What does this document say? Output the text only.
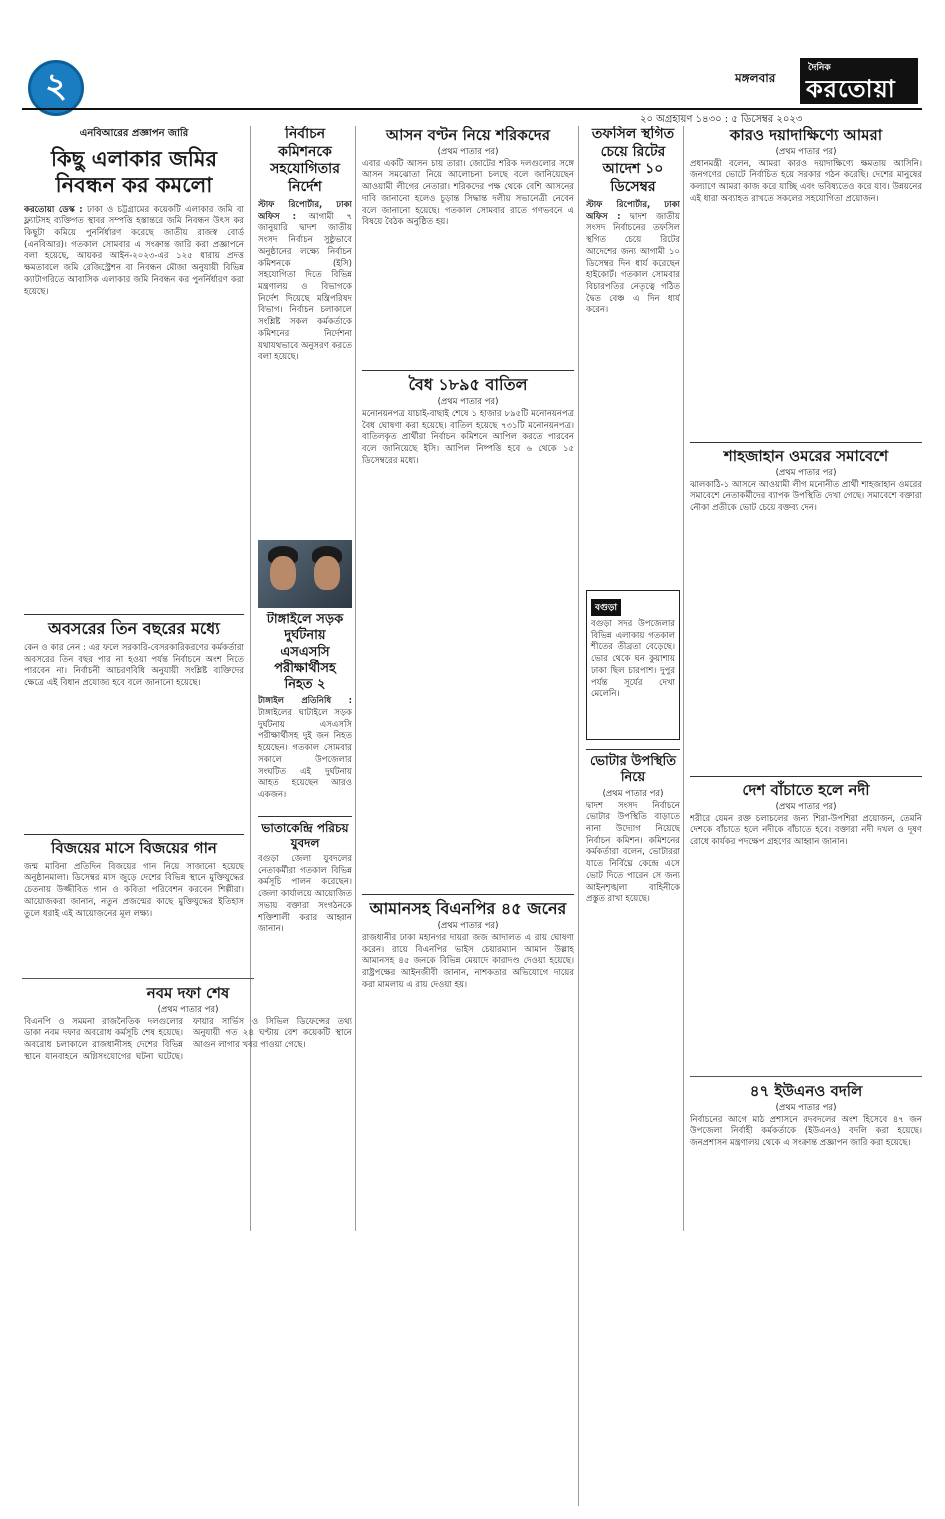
২	মঙ্গলবার
দৈনিক
করতোয়া
২০ অগ্রহায়ণ ১৪৩০ : ৫ ডিসেম্বর ২০২৩
এনবিআরের প্রজ্ঞাপন জারি
কিছু এলাকার জমির নিবন্ধন কর কমলো

করতোয়া ডেস্ক : ঢাকা ও চট্টগ্রামের কয়েকটি এলাকার জমি বা ফ্ল্যাটসহ ব্যক্তিগত স্থাবর সম্পত্তি হস্তান্তরে জমি নিবন্ধন উৎস কর কিছুটা কমিয়ে পুনর্নির্ধারণ করেছে জাতীয় রাজস্ব বোর্ড (এনবিআর)। গতকাল সোমবার এ সংক্রান্ত জারি করা প্রজ্ঞাপনে বলা হয়েছে, আয়কর আইন-২০২৩-এর ১২৫ ধারায় প্রদত্ত ক্ষমতাবলে জমি রেজিস্ট্রেশন বা নিবন্ধন মৌজা অনুযায়ী বিভিন্ন ক্যাটাগরিতে আবাসিক এলাকার জমি নিবন্ধন কর পুনর্নির্ধারণ করা হয়েছে।

অবসরের তিন বছরের মধ্যে
কেন ও কার নেন : এর ফলে সরকারি-বেসরকারিকরণের কর্মকর্তারা অবসরের তিন বছর পার না হওয়া পর্যন্ত নির্বাচনে অংশ নিতে পারবেন না। নির্বাচনী আচরণবিধি অনুযায়ী সংশ্লিষ্ট ব্যক্তিদের ক্ষেত্রে এই বিধান প্রযোজ্য হবে বলে জানানো হয়েছে।
বিজয়ের মাসে বিজয়ের গান
জন্ম মাবিনা প্রতিদিন বিজয়ের গান নিয়ে সাজানো হয়েছে অনুষ্ঠানমালা। ডিসেম্বর মাস জুড়ে দেশের বিভিন্ন স্থানে মুক্তিযুদ্ধের চেতনায় উজ্জীবিত গান ও কবিতা পরিবেশন করবেন শিল্পীরা। আয়োজকরা জানান, নতুন প্রজন্মের কাছে মুক্তিযুদ্ধের ইতিহাস তুলে ধরাই এই আয়োজনের মূল লক্ষ্য।
নির্বাচন কমিশনকে সহযোগিতার নির্দেশ

স্টাফ রিপোর্টার, ঢাকা অফিস : আগামী ৭ জানুয়ারি দ্বাদশ জাতীয় সংসদ নির্বাচন সুষ্ঠুভাবে অনুষ্ঠানের লক্ষ্যে নির্বাচন কমিশনকে (ইসি) সহযোগিতা দিতে বিভিন্ন মন্ত্রণালয় ও বিভাগকে নির্দেশ দিয়েছে মন্ত্রিপরিষদ বিভাগ। নির্বাচন চলাকালে সংশ্লিষ্ট সকল কর্মকর্তাকে কমিশনের নির্দেশনা যথাযথভাবে অনুসরণ করতে বলা হয়েছে।

টাঙ্গাইলে সড়ক দুর্ঘটনায় এসএসসি পরীক্ষার্থীসহ নিহত ২

টাঙ্গাইল প্রতিনিধি : টাঙ্গাইলের ঘাটাইলে সড়ক দুর্ঘটনায় এসএসসি পরীক্ষার্থীসহ দুই জন নিহত হয়েছেন। গতকাল সোমবার সকালে উপজেলার সংঘটিত এই দুর্ঘটনায় আহত হয়েছেন আরও একজন।

ভাতাকেন্দ্রি পরিচয় যুবদল
বগুড়া জেলা যুবদলের নেতাকর্মীরা গতকাল বিভিন্ন কর্মসূচি পালন করেছেন। জেলা কার্যালয়ে আয়োজিত সভায় বক্তারা সংগঠনকে শক্তিশালী করার আহ্বান জানান।
আসন বণ্টন নিয়ে শরিকদের
(প্রথম পাতার পর)
এবার একটি আসন চায় তারা। জোটের শরিক দলগুলোর সঙ্গে আসন সমঝোতা নিয়ে আলোচনা চলছে বলে জানিয়েছেন আওয়ামী লীগের নেতারা। শরিকদের পক্ষ থেকে বেশি আসনের দাবি জানানো হলেও চূড়ান্ত সিদ্ধান্ত দলীয় সভানেত্রী নেবেন বলে জানানো হয়েছে। গতকাল সোমবার রাতে গণভবনে এ বিষয়ে বৈঠক অনুষ্ঠিত হয়।
বৈধ ১৮৯৫ বাতিল
(প্রথম পাতার পর)
মনোনয়নপত্র যাচাই-বাছাই শেষে ১ হাজার ৮৯৫টি মনোনয়নপত্র বৈধ ঘোষণা করা হয়েছে। বাতিল হয়েছে ৭৩১টি মনোনয়নপত্র। বাতিলকৃত প্রার্থীরা নির্বাচন কমিশনে আপিল করতে পারবেন বলে জানিয়েছে ইসি। আপিল নিষ্পত্তি হবে ৬ থেকে ১৫ ডিসেম্বরের মধ্যে।
আমানসহ বিএনপির ৪৫ জনের
(প্রথম পাতার পর)
রাজধানীর ঢাকা মহানগর দায়রা জজ আদালত এ রায় ঘোষণা করেন। রায়ে বিএনপির ভাইস চেয়ারম্যান আমান উল্লাহ আমানসহ ৪৫ জনকে বিভিন্ন মেয়াদে কারাদণ্ড দেওয়া হয়েছে। রাষ্ট্রপক্ষের আইনজীবী জানান, নাশকতার অভিযোগে দায়ের করা মামলায় এ রায় দেওয়া হয়।
তফসিল স্থগিত চেয়ে রিটের আদেশ ১০ ডিসেম্বর

স্টাফ রিপোর্টার, ঢাকা অফিস : দ্বাদশ জাতীয় সংসদ নির্বাচনের তফসিল স্থগিত চেয়ে রিটের আদেশের জন্য আগামী ১০ ডিসেম্বর দিন ধার্য করেছেন হাইকোর্ট। গতকাল সোমবার বিচারপতির নেতৃত্বে গঠিত দ্বৈত বেঞ্চ এ দিন ধার্য করেন।

বগুড়া
বগুড়া সদর উপজেলার বিভিন্ন এলাকায় গতকাল শীতের তীব্রতা বেড়েছে। ভোর থেকে ঘন কুয়াশায় ঢাকা ছিল চারপাশ। দুপুর পর্যন্ত সূর্যের দেখা মেলেনি।
ভোটার উপস্থিতি নিয়ে
(প্রথম পাতার পর)
দ্বাদশ সংসদ নির্বাচনে ভোটার উপস্থিতি বাড়াতে নানা উদ্যোগ নিয়েছে নির্বাচন কমিশন। কমিশনের কর্মকর্তারা বলেন, ভোটাররা যাতে নির্বিঘ্নে কেন্দ্রে এসে ভোট দিতে পারেন সে জন্য আইনশৃঙ্খলা বাহিনীকে প্রস্তুত রাখা হয়েছে।
কারও দয়াদাক্ষিণ্যে আমরা
(প্রথম পাতার পর)
প্রধানমন্ত্রী বলেন, আমরা কারও দয়াদাক্ষিণ্যে ক্ষমতায় আসিনি। জনগণের ভোটে নির্বাচিত হয়ে সরকার গঠন করেছি। দেশের মানুষের কল্যাণে আমরা কাজ করে যাচ্ছি এবং ভবিষ্যতেও করে যাব। উন্নয়নের এই ধারা অব্যাহত রাখতে সকলের সহযোগিতা প্রয়োজন।
শাহজাহান ওমরের সমাবেশে
(প্রথম পাতার পর)
ঝালকাঠি-১ আসনে আওয়ামী লীগ মনোনীত প্রার্থী শাহজাহান ওমরের সমাবেশে নেতাকর্মীদের ব্যাপক উপস্থিতি দেখা গেছে। সমাবেশে বক্তারা নৌকা প্রতীকে ভোট চেয়ে বক্তব্য দেন।
দেশ বাঁচাতে হলে নদী
(প্রথম পাতার পর)
শরীরে যেমন রক্ত চলাচলের জন্য শিরা-উপশিরা প্রয়োজন, তেমনি দেশকে বাঁচাতে হলে নদীকে বাঁচাতে হবে। বক্তারা নদী দখল ও দূষণ রোধে কার্যকর পদক্ষেপ গ্রহণের আহ্বান জানান।
নবম দফা শেষ
(প্রথম পাতার পর)
বিএনপি ও সমমনা রাজনৈতিক দলগুলোর ডাকা নবম দফার অবরোধ কর্মসূচি শেষ হয়েছে। অবরোধ চলাকালে রাজধানীসহ দেশের বিভিন্ন স্থানে যানবাহনে অগ্নিসংযোগের ঘটনা ঘটেছে। ফায়ার সার্ভিস ও সিভিল ডিফেন্সের তথ্য অনুযায়ী গত ২৪ ঘণ্টায় বেশ কয়েকটি স্থানে আগুন লাগার খবর পাওয়া গেছে।
৪৭ ইউএনও বদলি
(প্রথম পাতার পর)
নির্বাচনের আগে মাঠ প্রশাসনে রদবদলের অংশ হিসেবে ৪৭ জন উপজেলা নির্বাহী কর্মকর্তাকে (ইউএনও) বদলি করা হয়েছে। জনপ্রশাসন মন্ত্রণালয় থেকে এ সংক্রান্ত প্রজ্ঞাপন জারি করা হয়েছে।
